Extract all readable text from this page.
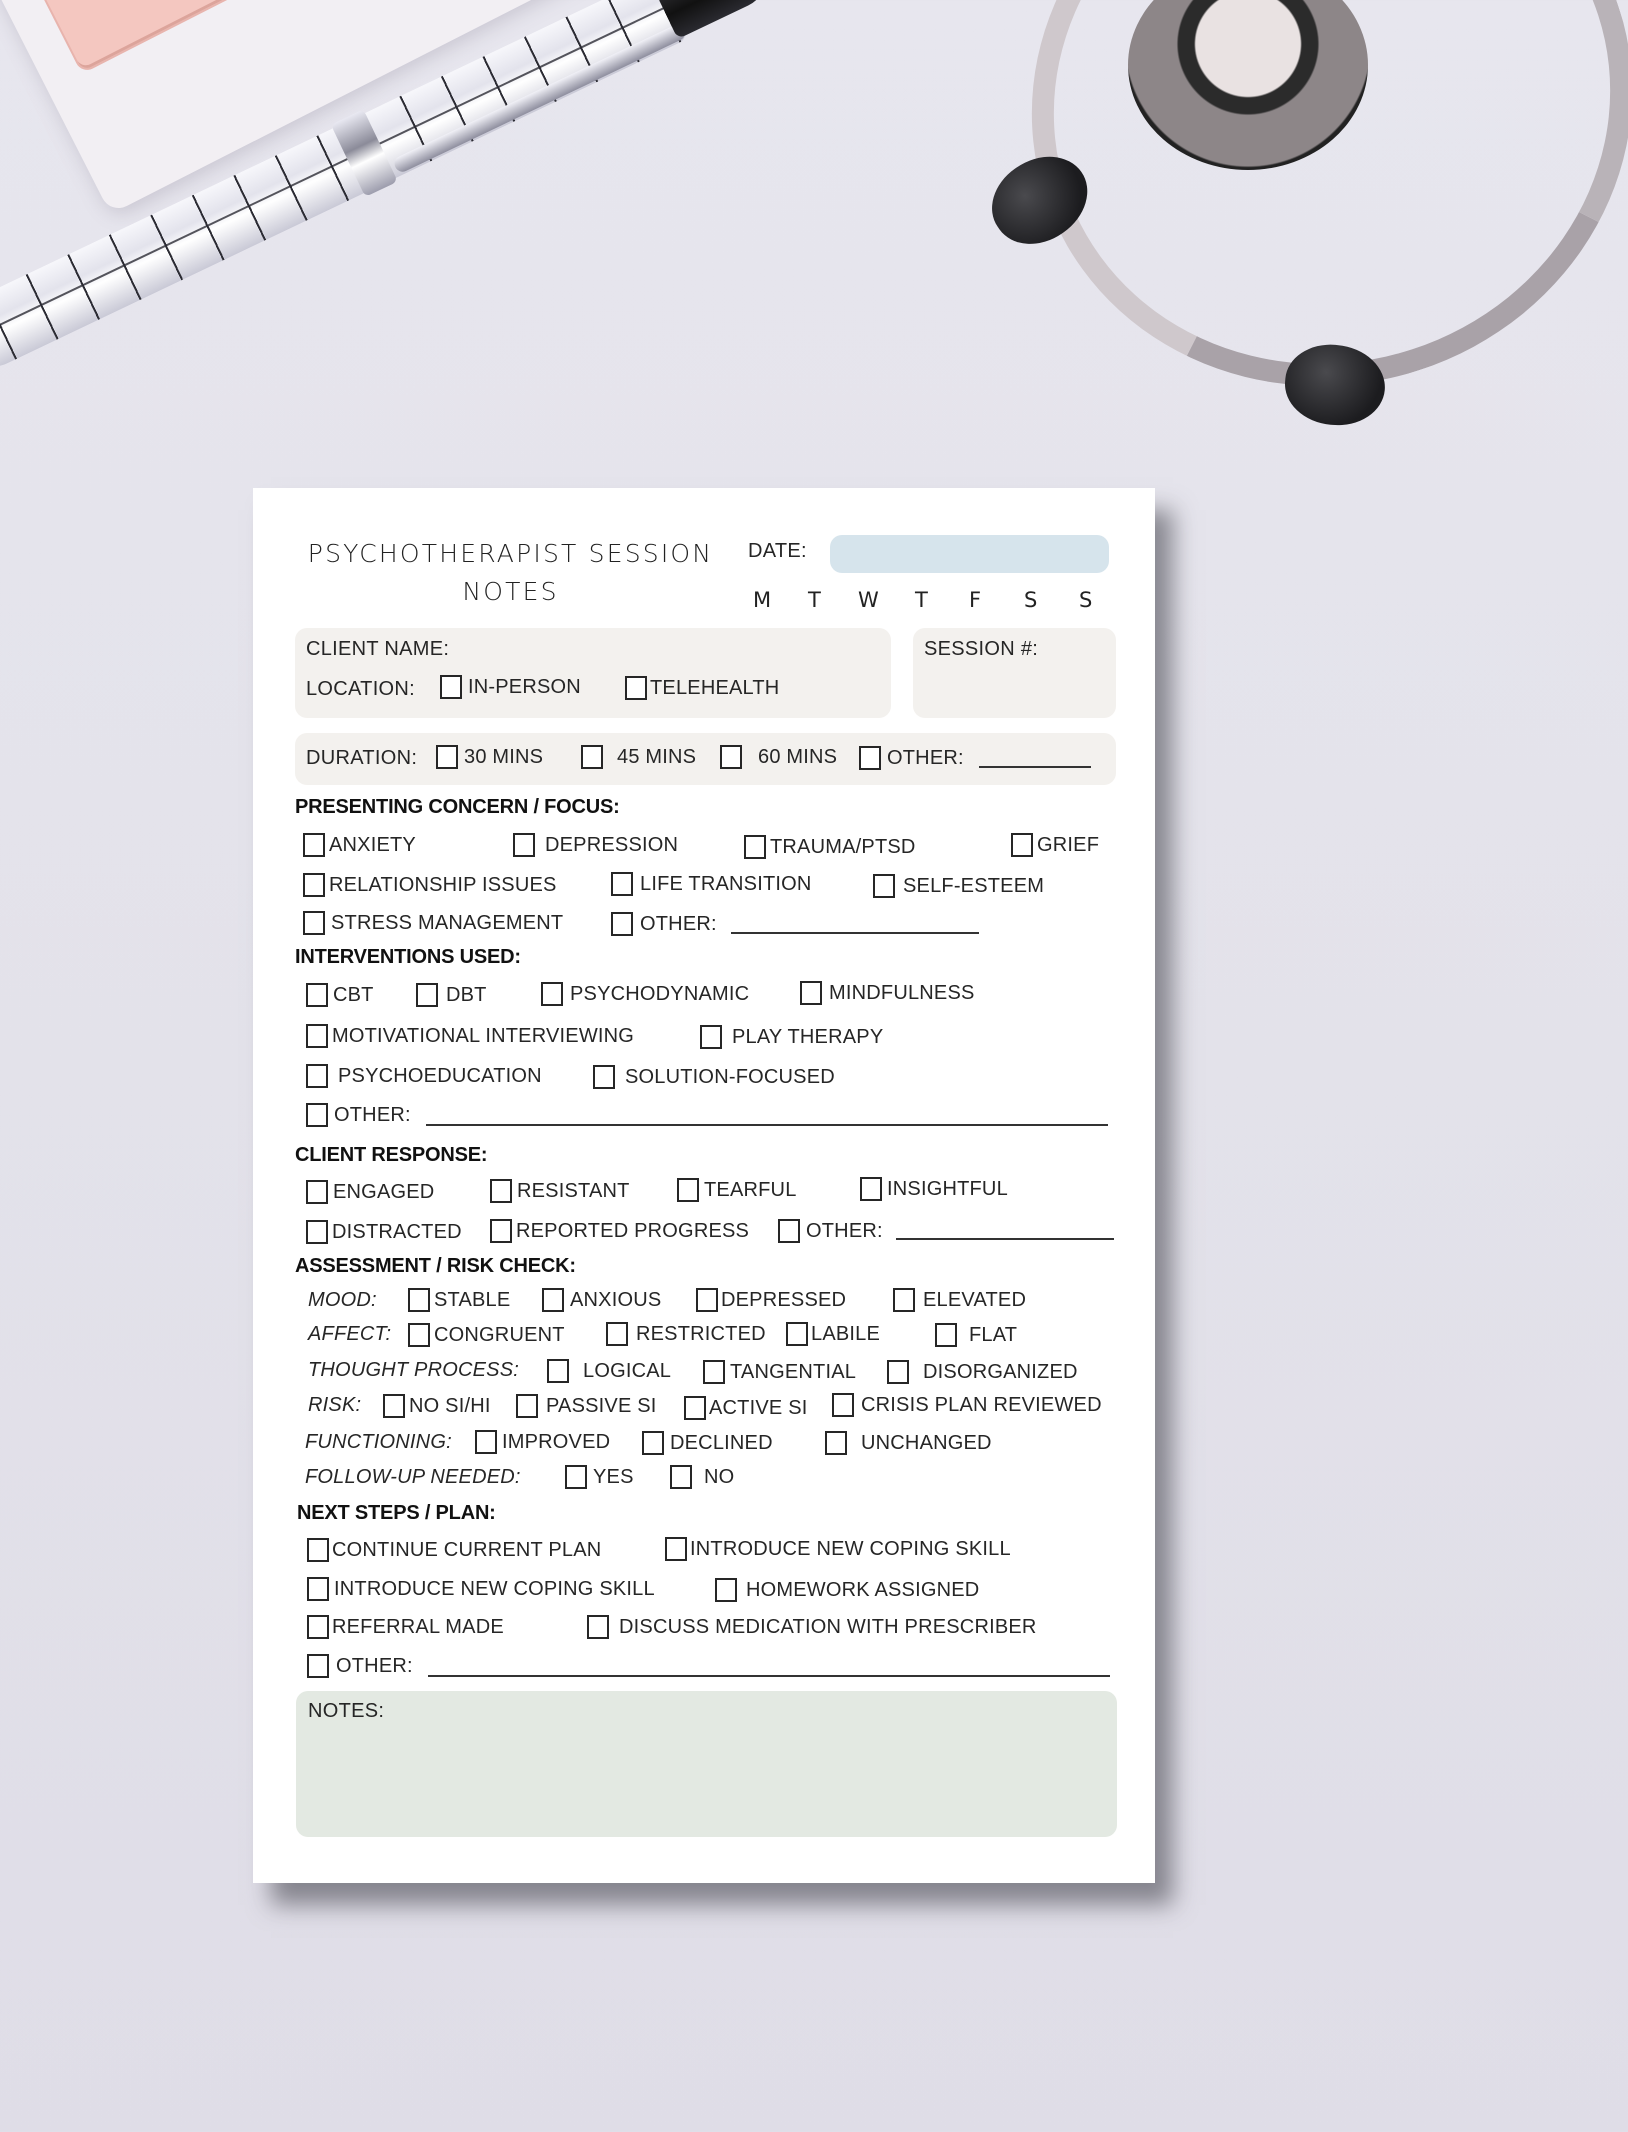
PSYCHOTHERAPIST SESSION
NOTES
DATE:
M T W T F S S
CLIENT NAME:
LOCATION:	IN-PERSON	TELEHEALTH
SESSION #:
DURATION: 30 MINS	45 MINS	60 MINS OTHER:
PRESENTING CONCERN / FOCUS:
ANXIETY	DEPRESSION	TRAUMA/PTSD	GRIEF
RELATIONSHIP ISSUES	LIFE TRANSITION	SELF-ESTEEM
STRESS MANAGEMENT	OTHER:
INTERVENTIONS USED:
CBT	DBT	PSYCHODYNAMIC	MINDFULNESS
MOTIVATIONAL INTERVIEWING	PLAY THERAPY
PSYCHOEDUCATION	SOLUTION-FOCUSED
OTHER:
CLIENT RESPONSE:
ENGAGED	RESISTANT	TEARFUL	INSIGHTFUL
DISTRACTED	REPORTED PROGRESS	OTHER:
ASSESSMENT / RISK CHECK:
MOOD:	STABLE	ANXIOUS	DEPRESSED	ELEVATED
AFFECT: CONGRUENT	RESTRICTED LABILE	FLAT
THOUGHT PROCESS:	LOGICAL	TANGENTIAL	DISORGANIZED
RISK: NO SI/HI	PASSIVE SI	ACTIVE SI	CRISIS PLAN REVIEWED
FUNCTIONING:	IMPROVED	DECLINED	UNCHANGED
FOLLOW-UP NEEDED:	YES	NO
NEXT STEPS / PLAN:
CONTINUE CURRENT PLAN	INTRODUCE NEW COPING SKILL
INTRODUCE NEW COPING SKILL	HOMEWORK ASSIGNED
REFERRAL MADE	DISCUSS MEDICATION WITH PRESCRIBER
OTHER:
NOTES:
